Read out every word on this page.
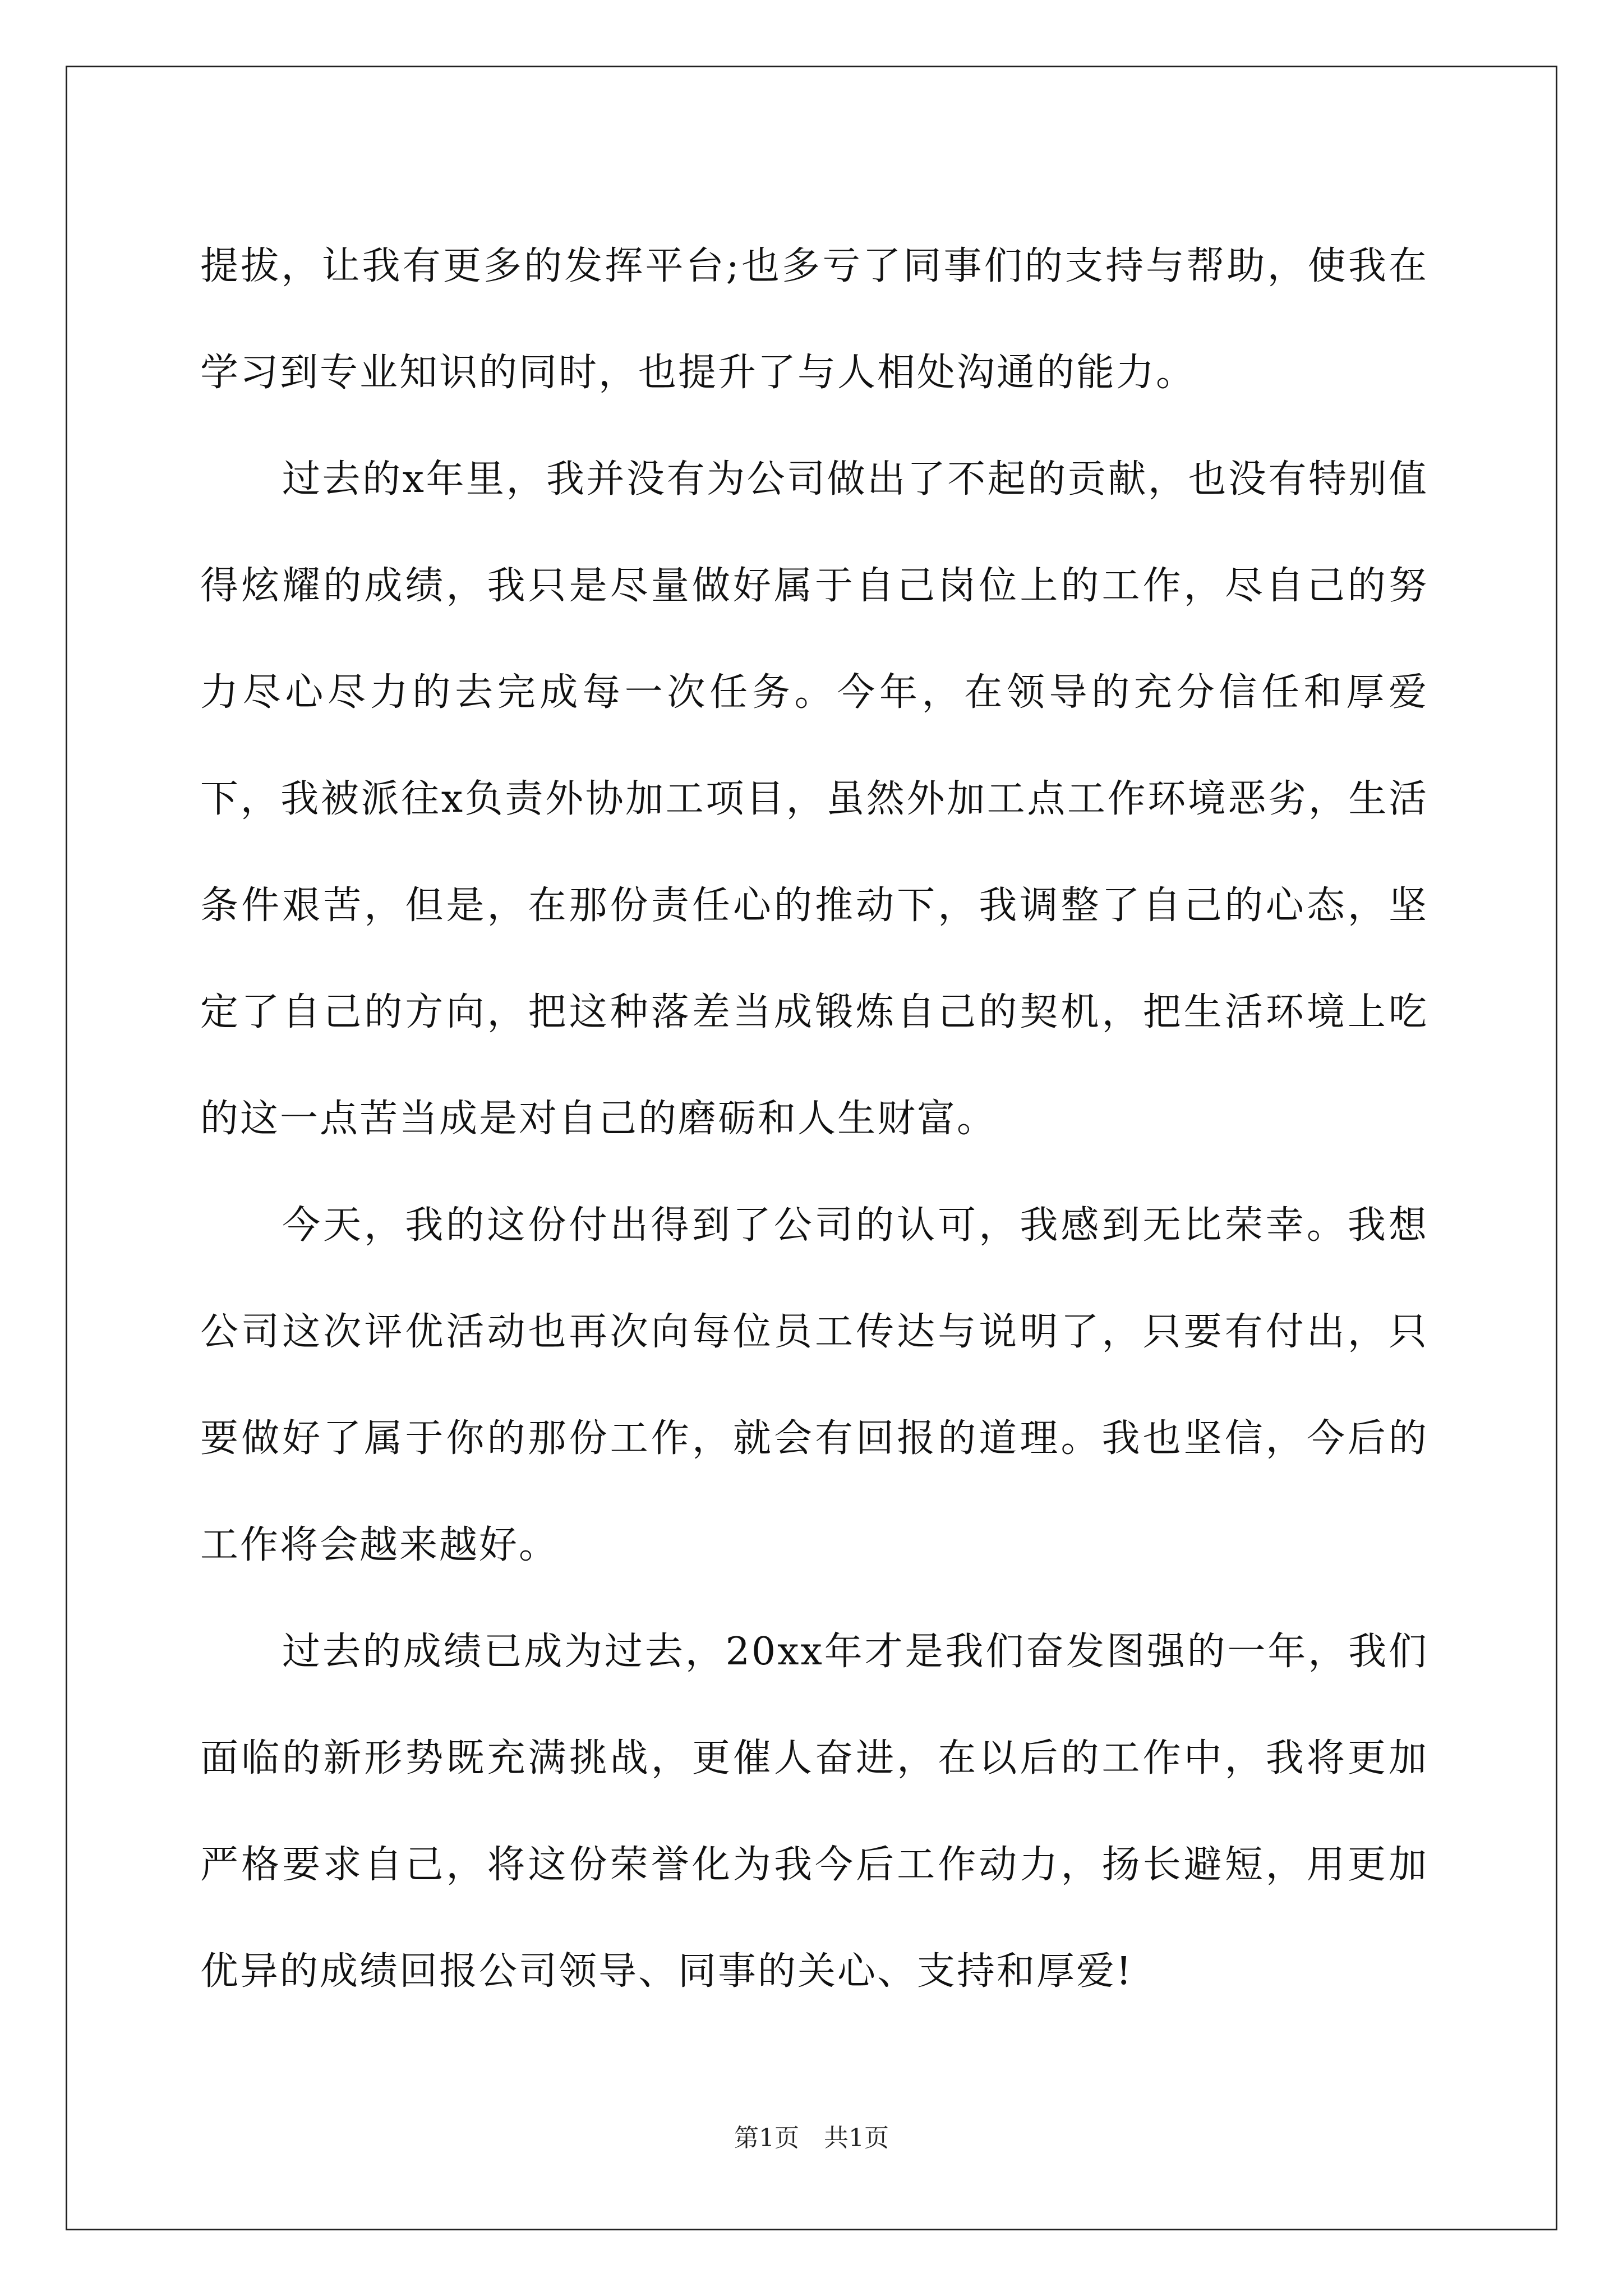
提拔，让我有更多的发挥平台;也多亏了同事们的支持与帮助，使我在学习到专业知识的同时，也提升了与人相处沟通的能力。

过去的x年里，我并没有为公司做出了不起的贡献，也没有特别值得炫耀的成绩，我只是尽量做好属于自己岗位上的工作，尽自己的努力尽心尽力的去完成每一次任务。今年，在领导的充分信任和厚爱下，我被派往x负责外协加工项目，虽然外加工点工作环境恶劣，生活条件艰苦，但是，在那份责任心的推动下，我调整了自己的心态，坚定了自己的方向，把这种落差当成锻炼自己的契机，把生活环境上吃的这一点苦当成是对自己的磨砺和人生财富。

今天，我的这份付出得到了公司的认可，我感到无比荣幸。我想公司这次评优活动也再次向每位员工传达与说明了，只要有付出，只要做好了属于你的那份工作，就会有回报的道理。我也坚信，今后的工作将会越来越好。

过去的成绩已成为过去，20xx年才是我们奋发图强的一年，我们面临的新形势既充满挑战，更催人奋进，在以后的工作中，我将更加严格要求自己，将这份荣誉化为我今后工作动力，扬长避短，用更加优异的成绩回报公司领导、同事的关心、支持和厚爱!

第1页　共1页
